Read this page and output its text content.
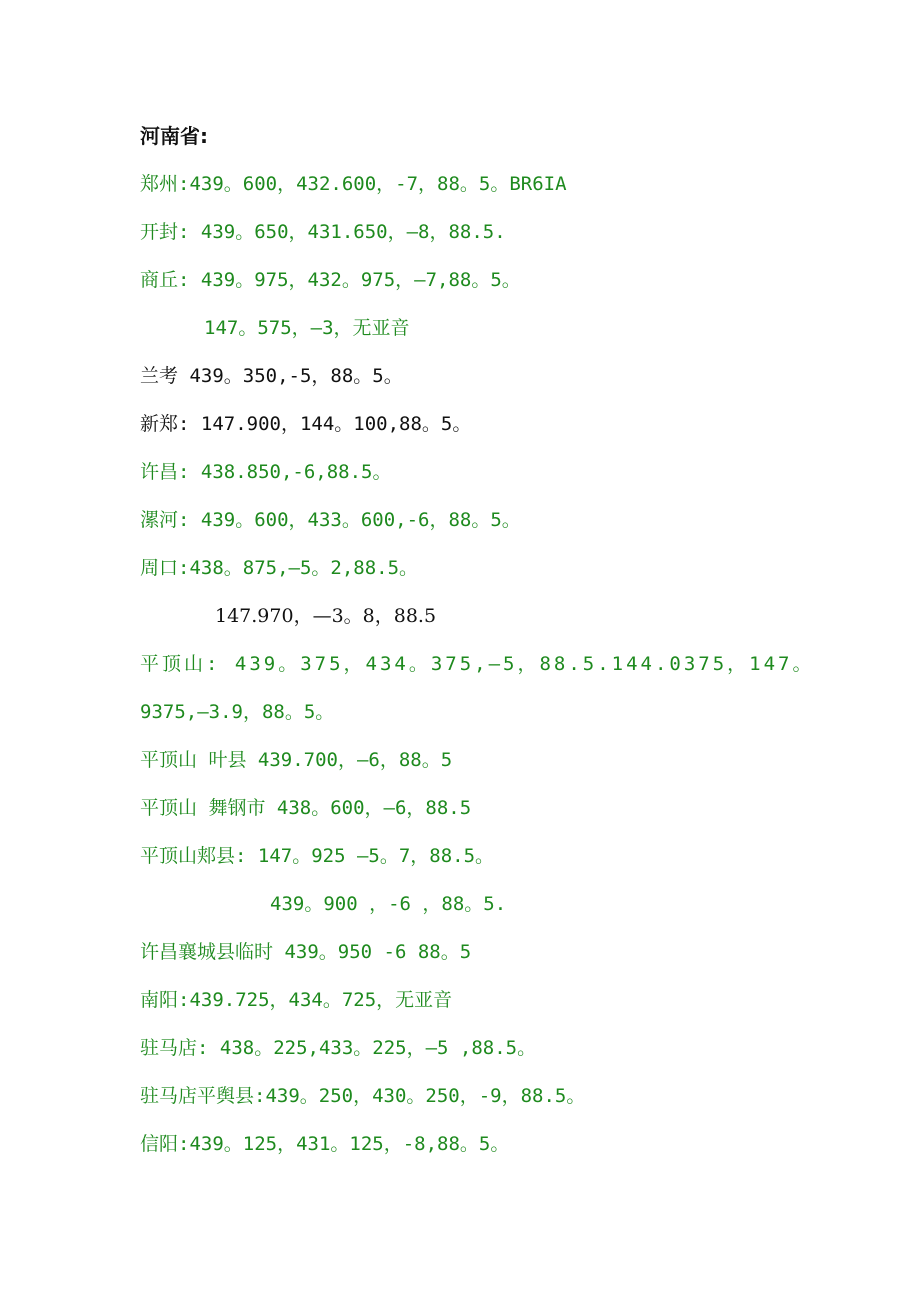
河南省:
郑州:439。600，432.600，-7，88。5。BR6IA
开封: 439。650，431.650，—8，88.5.
商丘: 439。975，432。975，—7,88。5。
147。575，—3，无亚音
兰考 439。350,-5，88。5。
新郑: 147.900，144。100,88。5。
许昌: 438.850,-6,88.5。
漯河: 439。600，433。600,-6，88。5。
周口:438。875,—5。2,88.5。
147.970，—3。8，88.5
平顶山: 439。375，434。375,—5，88.5.144.0375，147。
9375,—3.9，88。5。
平顶山 叶县 439.700，—6，88。5
平顶山 舞钢市 438。600，—6，88.5
平顶山郏县: 147。925 —5。7，88.5。
439。900 ，-6 ，88。5.
许昌襄城县临时 439。950 -6 88。5
南阳:439.725，434。725，无亚音
驻马店: 438。225,433。225，—5 ,88.5。
驻马店平舆县:439。250，430。250，-9，88.5。
信阳:439。125，431。125，-8,88。5。
